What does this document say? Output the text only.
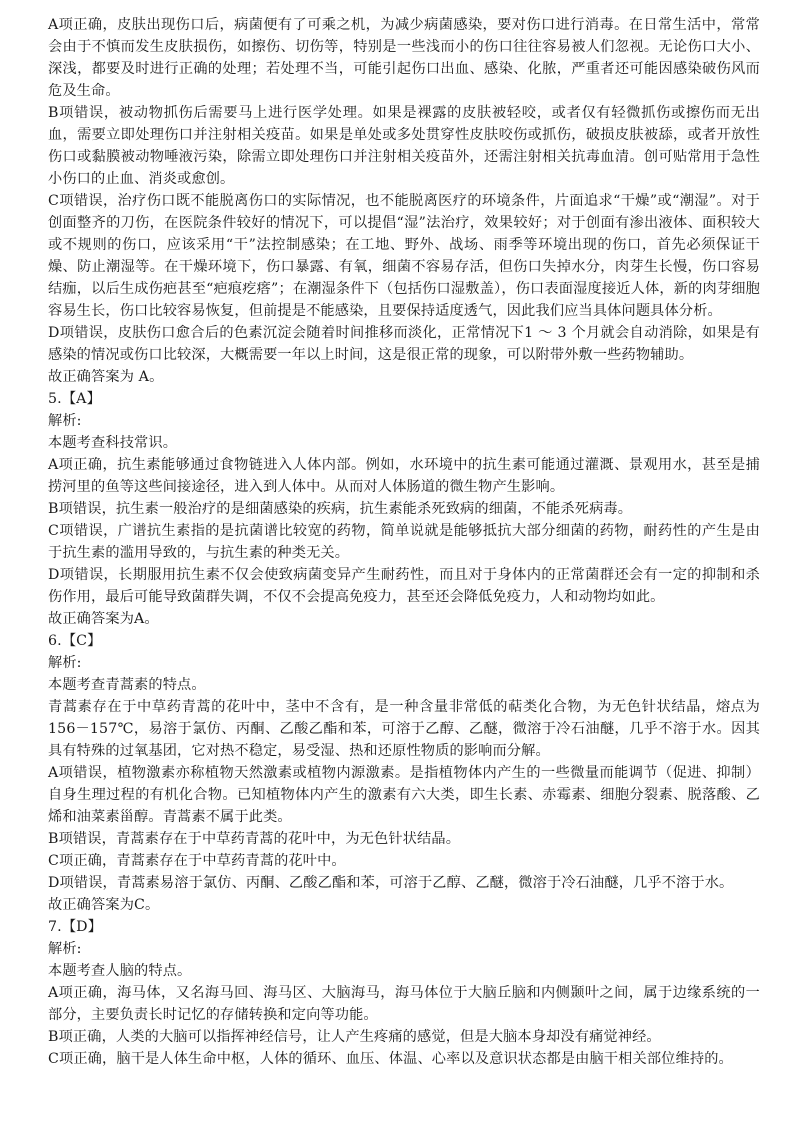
A项正确，皮肤出现伤口后，病菌便有了可乘之机，为减少病菌感染，要对伤口进行消毒。在日常生活中，常常会由于不慎而发生皮肤损伤，如擦伤、切伤等，特别是一些浅而小的伤口往往容易被人们忽视。无论伤口大小、深浅，都要及时进行正确的处理；若处理不当，可能引起伤口出血、感染、化脓，严重者还可能因感染破伤风而危及生命。

B项错误，被动物抓伤后需要马上进行医学处理。如果是裸露的皮肤被轻咬，或者仅有轻微抓伤或擦伤而无出血，需要立即处理伤口并注射相关疫苗。如果是单处或多处贯穿性皮肤咬伤或抓伤，破损皮肤被舔，或者开放性伤口或黏膜被动物唾液污染，除需立即处理伤口并注射相关疫苗外，还需注射相关抗毒血清。创可贴常用于急性小伤口的止血、消炎或愈创。

C项错误，治疗伤口既不能脱离伤口的实际情况，也不能脱离医疗的环境条件，片面追求“干燥”或“潮湿”。对于创面整齐的刀伤，在医院条件较好的情况下，可以提倡“湿”法治疗，效果较好；对于创面有渗出液体、面积较大或不规则的伤口，应该采用“干”法控制感染；在工地、野外、战场、雨季等环境出现的伤口，首先必须保证干燥、防止潮湿等。在干燥环境下，伤口暴露、有氧，细菌不容易存活，但伤口失掉水分，肉芽生长慢，伤口容易结痂，以后生成伤疤甚至“疤痕疙瘩”；在潮湿条件下（包括伤口湿敷盖），伤口表面湿度接近人体，新的肉芽细胞容易生长，伤口比较容易恢复，但前提是不能感染，且要保持适度透气，因此我们应当具体问题具体分析。

D项错误，皮肤伤口愈合后的色素沉淀会随着时间推移而淡化，正常情况下1 ～ 3 个月就会自动消除，如果是有感染的情况或伤口比较深，大概需要一年以上时间，这是很正常的现象，可以附带外敷一些药物辅助。

故正确答案为 A。

5.【A】

解析:

本题考查科技常识。

A项正确，抗生素能够通过食物链进入人体内部。例如，水环境中的抗生素可能通过灌溉、景观用水，甚至是捕捞河里的鱼等这些间接途径，进入到人体中。从而对人体肠道的微生物产生影响。

B项错误，抗生素一般治疗的是细菌感染的疾病，抗生素能杀死致病的细菌，不能杀死病毒。

C项错误，广谱抗生素指的是抗菌谱比较宽的药物，简单说就是能够抵抗大部分细菌的药物，耐药性的产生是由于抗生素的滥用导致的，与抗生素的种类无关。

D项错误，长期服用抗生素不仅会使致病菌变异产生耐药性，而且对于身体内的正常菌群还会有一定的抑制和杀伤作用，最后可能导致菌群失调，不仅不会提高免疫力，甚至还会降低免疫力，人和动物均如此。

故正确答案为A。

6.【C】

解析:

本题考查青蒿素的特点。

青蒿素存在于中草药青蒿的花叶中，茎中不含有，是一种含量非常低的萜类化合物，为无色针状结晶，熔点为156－157℃，易溶于氯仿、丙酮、乙酸乙酯和苯，可溶于乙醇、乙醚，微溶于冷石油醚，几乎不溶于水。因其具有特殊的过氧基团，它对热不稳定，易受湿、热和还原性物质的影响而分解。

A项错误，植物激素亦称植物天然激素或植物内源激素。是指植物体内产生的一些微量而能调节（促进、抑制）自身生理过程的有机化合物。已知植物体内产生的激素有六大类，即生长素、赤霉素、细胞分裂素、脱落酸、乙烯和油菜素甾醇。青蒿素不属于此类。

B项错误，青蒿素存在于中草药青蒿的花叶中，为无色针状结晶。

C项正确，青蒿素存在于中草药青蒿的花叶中。

D项错误，青蒿素易溶于氯仿、丙酮、乙酸乙酯和苯，可溶于乙醇、乙醚，微溶于冷石油醚，几乎不溶于水。

故正确答案为C。

7.【D】

解析:

本题考查人脑的特点。

A项正确，海马体，又名海马回、海马区、大脑海马，海马体位于大脑丘脑和内侧颞叶之间，属于边缘系统的一部分，主要负责长时记忆的存储转换和定向等功能。

B项正确，人类的大脑可以指挥神经信号，让人产生疼痛的感觉，但是大脑本身却没有痛觉神经。

C项正确，脑干是人体生命中枢，人体的循环、血压、体温、心率以及意识状态都是由脑干相关部位维持的。
